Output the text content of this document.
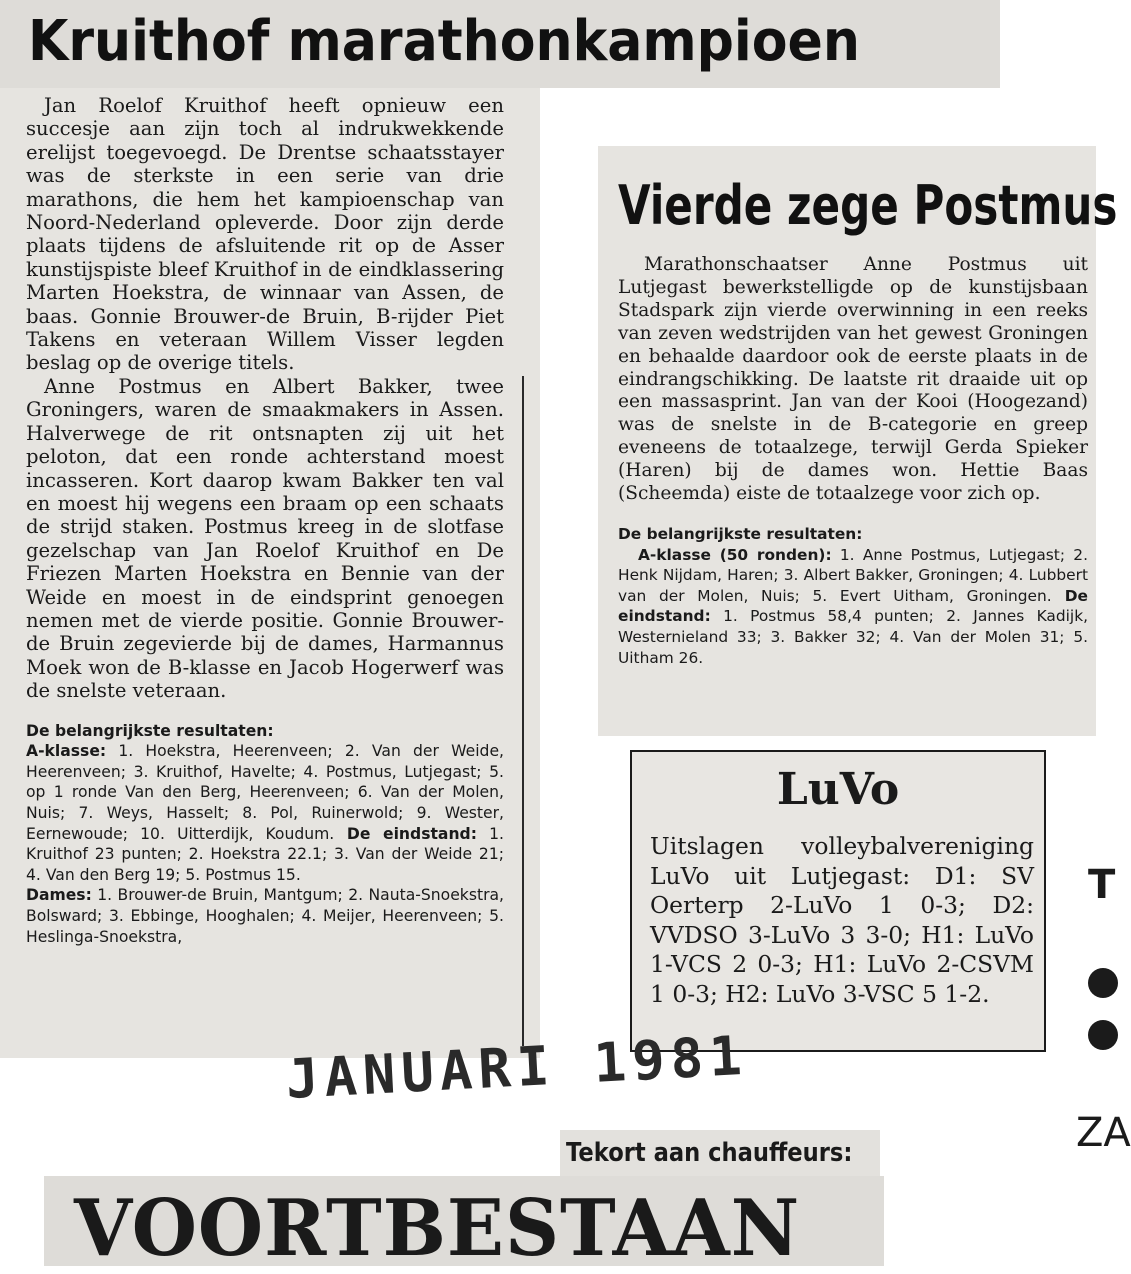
Kruithof marathonkampioen

Jan Roelof Kruithof heeft opnieuw een succesje aan zijn toch al indrukwekkende erelijst toegevoegd. De Drentse schaatsstayer was de sterkste in een serie van drie marathons, die hem het kampioenschap van Noord-Nederland opleverde. Door zijn derde plaats tijdens de afsluitende rit op de Asser kunstijspiste bleef Kruithof in de eindklassering Marten Hoekstra, de winnaar van Assen, de baas. Gonnie Brouwer-de Bruin, B-rijder Piet Takens en veteraan Willem Visser legden beslag op de overige titels.

Anne Postmus en Albert Bakker, twee Groningers, waren de smaakmakers in Assen. Halverwege de rit ontsnapten zij uit het peloton, dat een ronde achterstand moest incasseren. Kort daarop kwam Bakker ten val en moest hij wegens een braam op een schaats de strijd staken. Postmus kreeg in de slotfase gezelschap van Jan Roelof Kruithof en De Friezen Marten Hoekstra en Bennie van der Weide en moest in de eindsprint genoegen nemen met de vierde positie. Gonnie Brouwer-de Bruin zegevierde bij de dames, Harmannus Moek won de B-klasse en Jacob Hogerwerf was de snelste veteraan.

De belangrijkste resultaten:
A-klasse: 1. Hoekstra, Heerenveen; 2. Van der Weide, Heerenveen; 3. Kruithof, Havelte; 4. Postmus, Lutjegast; 5. op 1 ronde Van den Berg, Heerenveen; 6. Van der Molen, Nuis; 7. Weys, Hasselt; 8. Pol, Ruinerwold; 9. Wester, Eernewoude; 10. Uitterdijk, Koudum. De eindstand: 1. Kruithof 23 punten; 2. Hoekstra 22.1; 3. Van der Weide 21; 4. Van den Berg 19; 5. Postmus 15.
Dames: 1. Brouwer-de Bruin, Mantgum; 2. Nauta-Snoekstra, Bolsward; 3. Ebbinge, Hooghalen; 4. Meijer, Heerenveen; 5. Heslinga-Snoekstra,
Vierde zege Postmus

Marathonschaatser Anne Postmus uit Lutjegast bewerkstelligde op de kunstijsbaan Stadspark zijn vierde overwinning in een reeks van zeven wedstrijden van het gewest Groningen en behaalde daardoor ook de eerste plaats in de eindrangschikking. De laatste rit draaide uit op een massasprint. Jan van der Kooi (Hoogezand) was de snelste in de B-categorie en greep eveneens de totaalzege, terwijl Gerda Spieker (Haren) bij de dames won. Hettie Baas (Scheemda) eiste de totaalzege voor zich op.

De belangrijkste resultaten:
A-klasse (50 ronden): 1. Anne Postmus, Lutjegast; 2. Henk Nijdam, Haren; 3. Albert Bakker, Groningen; 4. Lubbert van der Molen, Nuis; 5. Evert Uitham, Groningen. De eindstand: 1. Postmus 58,4 punten; 2. Jannes Kadijk, Westernieland 33; 3. Bakker 32; 4. Van der Molen 31; 5. Uitham 26.
LuVo
Uitslagen volleybalvereniging LuVo uit Lutjegast: D1: SV Oerterp 2-LuVo 1 0-3; D2: VVDSO 3-LuVo 3 3-0; H1: LuVo 1-VCS 2 0-3; H1: LuVo 2-CSVM 1 0-3; H2: LuVo 3-VSC 5 1-2.
T
ZA
JANUARI 1981
Tekort aan chauffeurs:
VOORTBESTAAN
